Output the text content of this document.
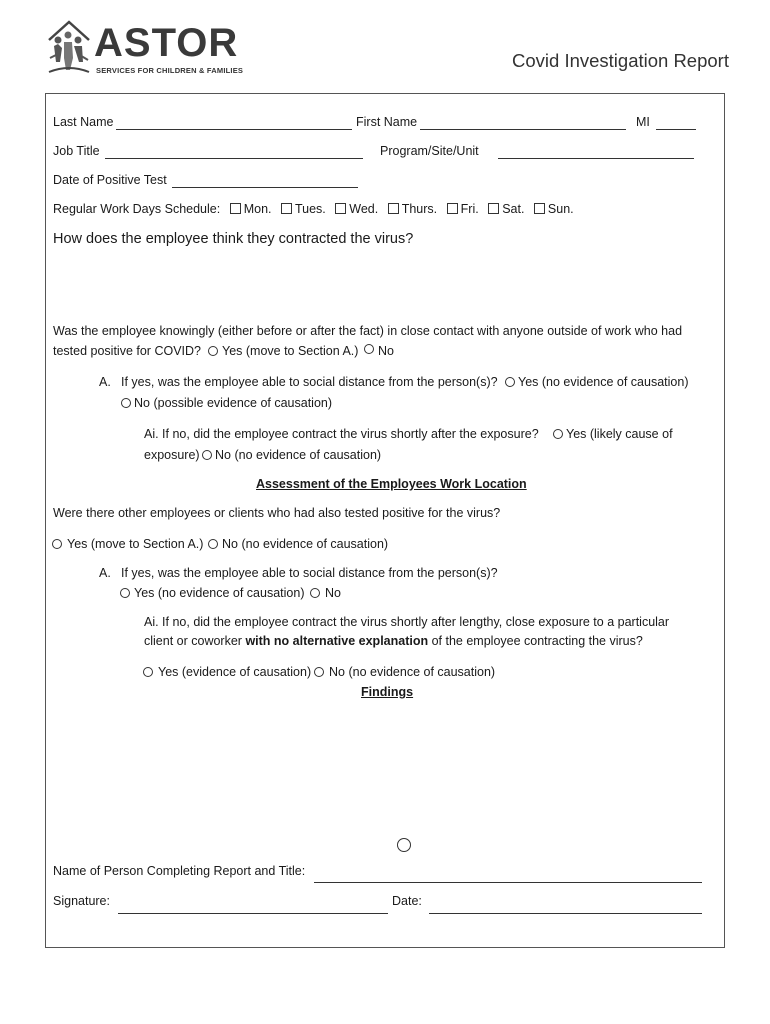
ASTOR
SERVICES FOR CHILDREN & FAMILIES	Covid Investigation Report
Last Name	First Name	MI
Job Title	Program/Site/Unit
Date of Positive Test
Regular Work Days Schedule: Mon. Tues. Wed. Thurs. Fri. Sat. Sun.
How does the employee think they contracted the virus?
Was the employee knowingly (either before or after the fact) in close contact with anyone outside of work who had
tested positive for COVID? Yes (move to Section A.) No
A. If yes, was the employee able to social distance from the person(s)? Yes (no evidence of causation)
No (possible evidence of causation)
Ai. If no, did the employee contract the virus shortly after the exposure? Yes (likely cause of
exposure) No (no evidence of causation)
Assessment of the Employees Work Location
Were there other employees or clients who had also tested positive for the virus?
Yes (move to Section A.) No (no evidence of causation)
A. If yes, was the employee able to social distance from the person(s)?
Yes (no evidence of causation) No
Ai. If no, did the employee contract the virus shortly after lengthy, close exposure to a particular
client or coworker with no alternative explanation of the employee contracting the virus?
Yes (evidence of causation) No (no evidence of causation)
Findings
Name of Person Completing Report and Title:
Signature:	Date:
